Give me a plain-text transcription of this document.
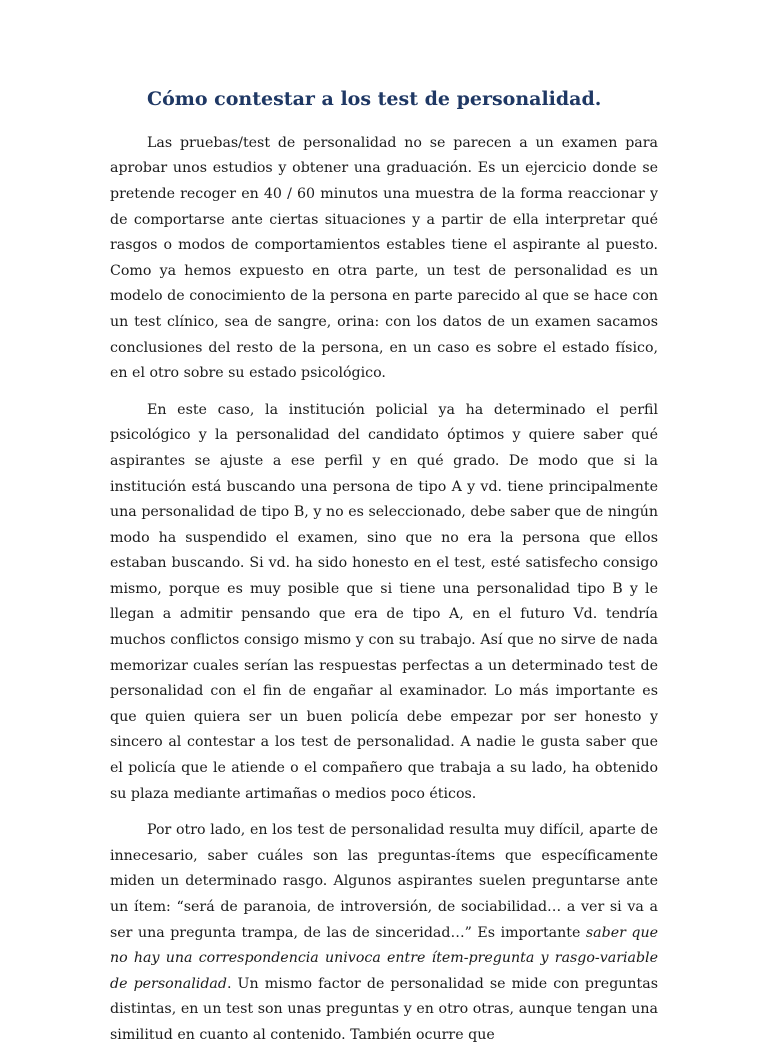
Cómo contestar a los test de personalidad.

Las pruebas/test de personalidad no se parecen a un examen para aprobar unos estudios y obtener una graduación. Es un ejercicio donde se pretende recoger en 40 / 60 minutos una muestra de la forma reaccionar y de comportarse ante ciertas situaciones y a partir de ella interpretar qué rasgos o modos de comportamientos estables tiene el aspirante al puesto. Como ya hemos expuesto en otra parte, un test de personalidad es un modelo de conocimiento de la persona en parte parecido al que se hace con un test clínico, sea de sangre, orina: con los datos de un examen sacamos conclusiones del resto de la persona, en un caso es sobre el estado físico, en el otro sobre su estado psicológico.

En este caso, la institución policial ya ha determinado el perfil psicológico y la personalidad del candidato óptimos y quiere saber qué aspirantes se ajuste a ese perfil y en qué grado. De modo que si la institución está buscando una persona de tipo A y vd. tiene principalmente una personalidad de tipo B, y no es seleccionado, debe saber que de ningún modo ha suspendido el examen, sino que no era la persona que ellos estaban buscando. Si vd. ha sido honesto en el test, esté satisfecho consigo mismo, porque es muy posible que si tiene una personalidad tipo B y le llegan a admitir pensando que era de tipo A, en el futuro Vd. tendría muchos conflictos consigo mismo y con su trabajo. Así que no sirve de nada memorizar cuales serían las respuestas perfectas a un determinado test de personalidad con el fin de engañar al examinador. Lo más importante es que quien quiera ser un buen policía debe empezar por ser honesto y sincero al contestar a los test de personalidad. A nadie le gusta saber que el policía que le atiende o el compañero que trabaja a su lado, ha obtenido su plaza mediante artimañas o medios poco éticos.

Por otro lado, en los test de personalidad resulta muy difícil, aparte de innecesario, saber cuáles son las preguntas-ítems que específicamente miden un determinado rasgo. Algunos aspirantes suelen preguntarse ante un ítem: “será de paranoia, de introversión, de sociabilidad… a ver si va a ser una pregunta trampa, de las de sinceridad…” Es importante saber que no hay una correspondencia univoca entre ítem-pregunta y rasgo-variable de personalidad. Un mismo factor de personalidad se mide con preguntas distintas, en un test son unas preguntas y en otro otras, aunque tengan una similitud en cuanto al contenido. También ocurre que
